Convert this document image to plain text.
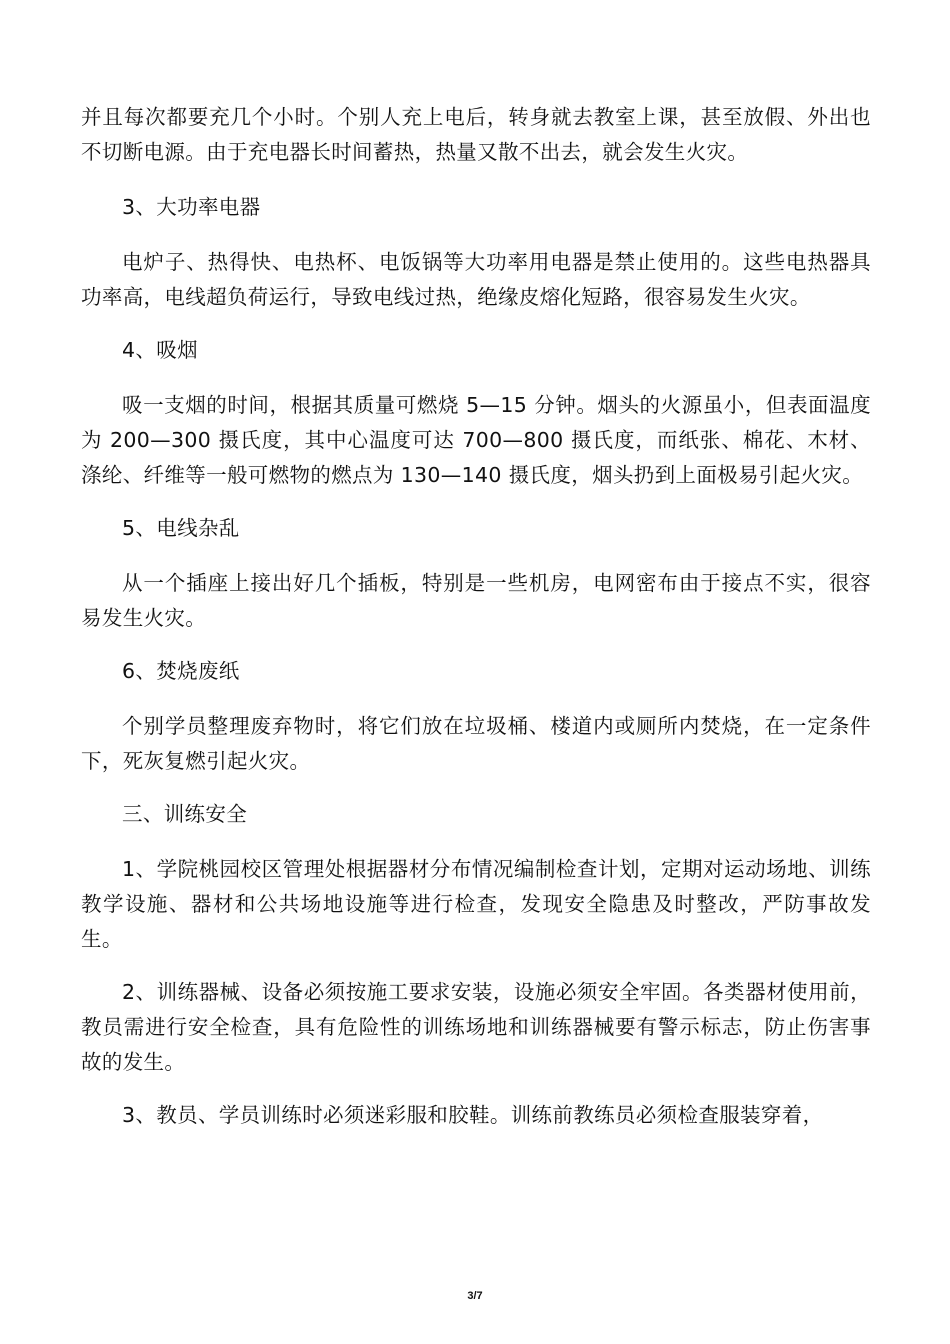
并且每次都要充几个小时。个别人充上电后，转身就去教室上课，甚至放假、外出也不切断电源。由于充电器长时间蓄热，热量又散不出去，就会发生火灾。

3、大功率电器

电炉子、热得快、电热杯、电饭锅等大功率用电器是禁止使用的。这些电热器具功率高，电线超负荷运行，导致电线过热，绝缘皮熔化短路，很容易发生火灾。

4、吸烟

吸一支烟的时间，根据其质量可燃烧 5—15 分钟。烟头的火源虽小，但表面温度为 200—300 摄氏度，其中心温度可达 700—800 摄氏度，而纸张、棉花、木材、涤纶、纤维等一般可燃物的燃点为 130—140 摄氏度，烟头扔到上面极易引起火灾。

5、电线杂乱

从一个插座上接出好几个插板，特别是一些机房，电网密布由于接点不实，很容易发生火灾。

6、焚烧废纸

个别学员整理废弃物时，将它们放在垃圾桶、楼道内或厕所内焚烧，在一定条件下，死灰复燃引起火灾。

三、训练安全

1、学院桃园校区管理处根据器材分布情况编制检查计划，定期对运动场地、训练教学设施、器材和公共场地设施等进行检查，发现安全隐患及时整改，严防事故发生。

2、训练器械、设备必须按施工要求安装，设施必须安全牢固。各类器材使用前，教员需进行安全检查，具有危险性的训练场地和训练器械要有警示标志，防止伤害事故的发生。

3、教员、学员训练时必须迷彩服和胶鞋。训练前教练员必须检查服装穿着，

3/7
